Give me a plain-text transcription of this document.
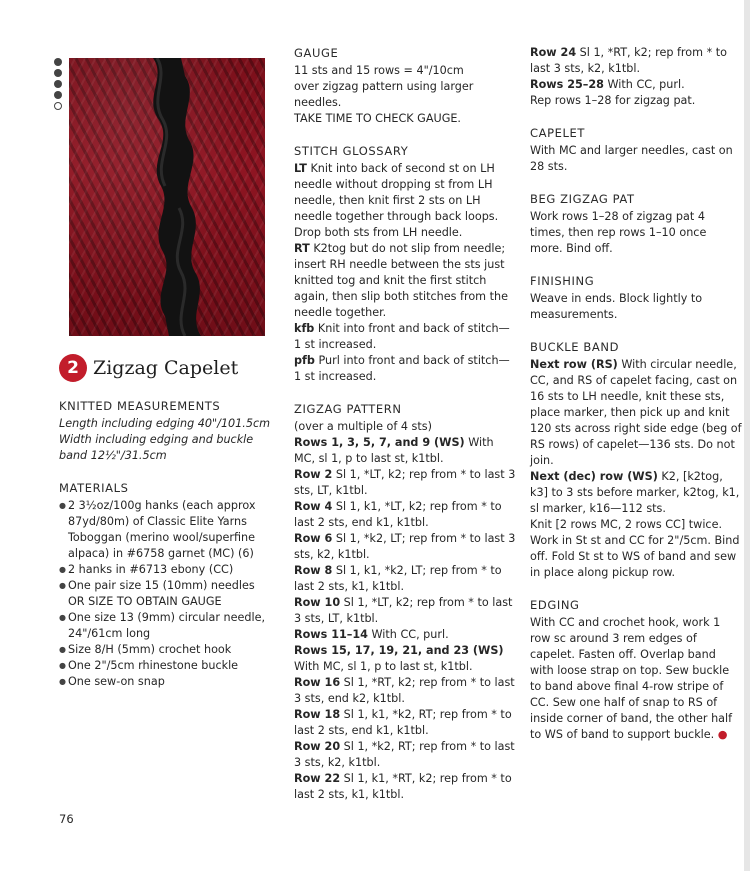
2 Zigzag Capelet
KNITTED MEASUREMENTS

Length including edging 40"/101.5cm

Width including edging and buckle band 12½"/31.5cm

MATERIALS
● 2 3½oz/100g hanks (each approx 87yd/80m) of Classic Elite Yarns Toboggan (merino wool/superfine alpaca) in #6758 garnet (MC) (6)
● 2 hanks in #6713 ebony (CC)
● One pair size 15 (10mm) needles OR SIZE TO OBTAIN GAUGE
● One size 13 (9mm) circular needle, 24"/61cm long
● Size 8/H (5mm) crochet hook
● One 2"/5cm rhinestone buckle
● One sew-on snap
GAUGE

11 sts and 15 rows = 4"/10cm

over zigzag pattern using larger needles.

TAKE TIME TO CHECK GAUGE.

STITCH GLOSSARY

LT Knit into back of second st on LH needle without dropping st from LH needle, then knit first 2 sts on LH needle together through back loops. Drop both sts from LH needle.

RT K2tog but do not slip from needle; insert RH needle between the sts just knitted tog and knit the first stitch again, then slip both stitches from the needle together.

kfb Knit into front and back of stitch—1 st increased.

pfb Purl into front and back of stitch—1 st increased.

ZIGZAG PATTERN

(over a multiple of 4 sts)

Rows 1, 3, 5, 7, and 9 (WS) With MC, sl 1, p to last st, k1tbl.

Row 2 Sl 1, *LT, k2; rep from * to last 3 sts, LT, k1tbl.

Row 4 Sl 1, k1, *LT, k2; rep from * to last 2 sts, end k1, k1tbl.

Row 6 Sl 1, *k2, LT; rep from * to last 3 sts, k2, k1tbl.

Row 8 Sl 1, k1, *k2, LT; rep from * to last 2 sts, k1, k1tbl.

Row 10 Sl 1, *LT, k2; rep from * to last 3 sts, LT, k1tbl.

Rows 11–14 With CC, purl.

Rows 15, 17, 19, 21, and 23 (WS) With MC, sl 1, p to last st, k1tbl.

Row 16 Sl 1, *RT, k2; rep from * to last 3 sts, end k2, k1tbl.

Row 18 Sl 1, k1, *k2, RT; rep from * to last 2 sts, end k1, k1tbl.

Row 20 Sl 1, *k2, RT; rep from * to last 3 sts, k2, k1tbl.

Row 22 Sl 1, k1, *RT, k2; rep from * to last 2 sts, k1, k1tbl.

Row 24 Sl 1, *RT, k2; rep from * to last 3 sts, k2, k1tbl.

Rows 25–28 With CC, purl.

Rep rows 1–28 for zigzag pat.

CAPELET

With MC and larger needles, cast on 28 sts.

BEG ZIGZAG PAT

Work rows 1–28 of zigzag pat 4 times, then rep rows 1–10 once more. Bind off.

FINISHING

Weave in ends. Block lightly to measurements.

BUCKLE BAND

Next row (RS) With circular needle, CC, and RS of capelet facing, cast on 16 sts to LH needle, knit these sts, place marker, then pick up and knit 120 sts across right side edge (beg of RS rows) of capelet—136 sts. Do not join.

Next (dec) row (WS) K2, [k2tog, k3] to 3 sts before marker, k2tog, k1, sl marker, k16—112 sts.

Knit [2 rows MC, 2 rows CC] twice. Work in St st and CC for 2"/5cm. Bind off. Fold St st to WS of band and sew in place along pickup row.

EDGING

With CC and crochet hook, work 1 row sc around 3 rem edges of capelet. Fasten off. Overlap band with loose strap on top. Sew buckle to band above final 4-row stripe of CC. Sew one half of snap to RS of inside corner of band, the other half to WS of band to support buckle. ●

76
